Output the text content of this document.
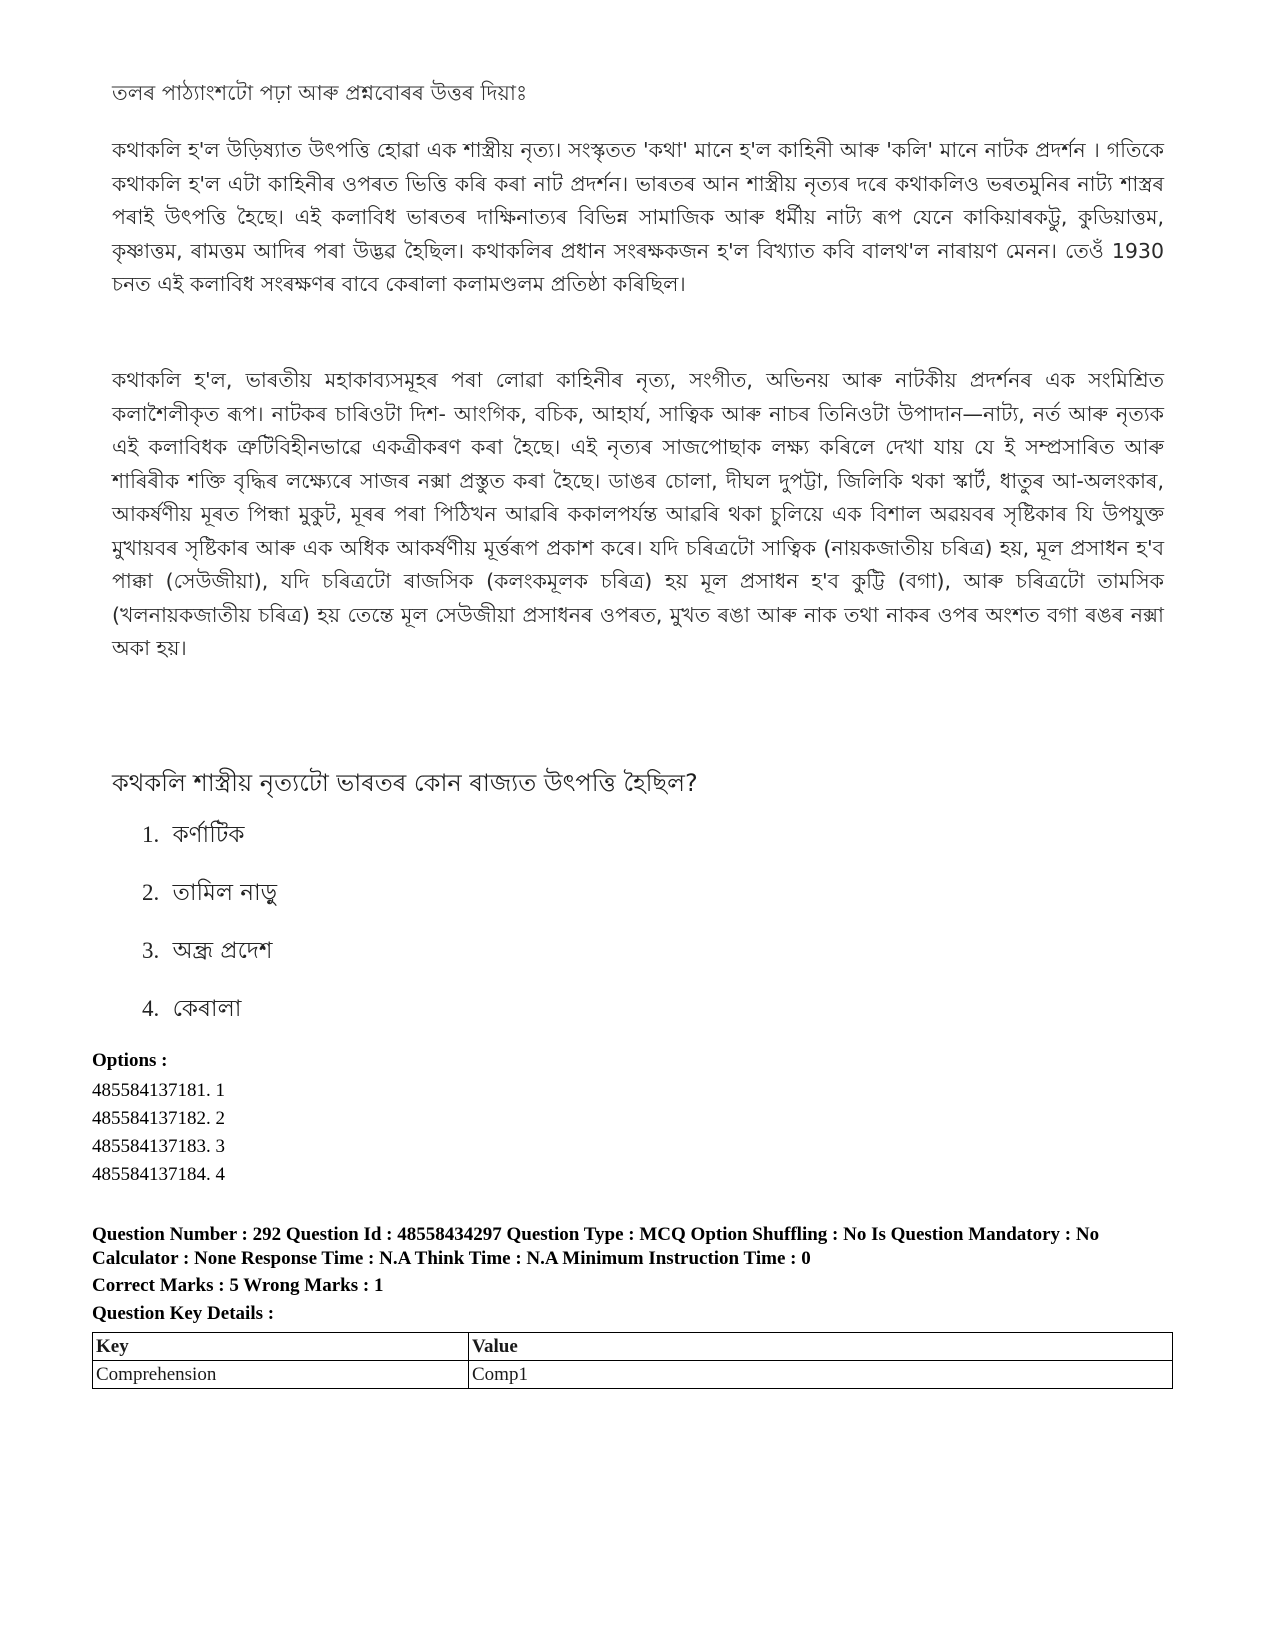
তলৰ পাঠ্যাংশটো পঢ়া আৰু প্ৰশ্নবোৰৰ উত্তৰ দিয়াঃ
কথাকলি হ'ল উড়িষ্যাত উৎপত্তি হোৱা এক শাস্ত্ৰীয় নৃত্য। সংস্কৃতত 'কথা' মানে হ'ল কাহিনী আৰু 'কলি' মানে নাটক প্ৰদৰ্শন । গতিকে কথাকলি হ'ল এটা কাহিনীৰ ওপৰত ভিত্তি কৰি কৰা নাট প্ৰদৰ্শন। ভাৰতৰ আন শাস্ত্ৰীয় নৃত্যৰ দৰে কথাকলিও ভৰতমুনিৰ নাট্য শাস্ত্ৰৰ পৰাই উৎপত্তি হৈছে। এই কলাবিধ ভাৰতৰ দাক্ষিনাত্যৰ বিভিন্ন সামাজিক আৰু ধৰ্মীয় নাট্য ৰূপ যেনে কাকিয়াৰকট্টু, কুডিয়াত্তম, কৃষ্ণাত্তম, ৰামত্তম আদিৰ পৰা উদ্ভৱ হৈছিল। কথাকলিৰ প্ৰধান সংৰক্ষকজন হ'ল বিখ্যাত কবি বালথ'ল নাৰায়ণ মেনন। তেওঁ 1930 চনত এই কলাবিধ সংৰক্ষণৰ বাবে কেৰালা কলামণ্ডলম প্ৰতিষ্ঠা কৰিছিল।
কথাকলি হ'ল, ভাৰতীয় মহাকাব্যসমূহৰ পৰা লোৱা কাহিনীৰ নৃত্য, সংগীত, অভিনয় আৰু নাটকীয় প্ৰদৰ্শনৰ এক সংমিশ্ৰিত কলাশৈলীকৃত ৰূপ। নাটকৰ চাৰিওটা দিশ- আংগিক, বচিক, আহাৰ্য, সাত্বিক আৰু নাচৰ তিনিওটা উপাদান—নাট্য, নৰ্ত আৰু নৃত্যক এই কলাবিধক ত্ৰুটিবিহীনভাৱে একত্ৰীকৰণ কৰা হৈছে। এই নৃত্যৰ সাজপোছাক লক্ষ্য কৰিলে দেখা যায় যে ই সম্প্ৰসাৰিত আৰু শাৰিৰীক শক্তি বৃদ্ধিৰ লক্ষ্যেৰে সাজৰ নক্সা প্ৰস্তুত কৰা হৈছে। ডাঙৰ চোলা, দীঘল দুপট্টা, জিলিকি থকা স্কাৰ্ট, ধাতুৰ আ-অলংকাৰ, আকৰ্ষণীয় মূৰত পিন্ধা মুকুট, মূৰৰ পৰা পিঠিখন আৱৰি ককালপৰ্যন্ত আৱৰি থকা চুলিয়ে এক বিশাল অৱয়বৰ সৃষ্টিকাৰ যি উপযুক্ত মুখায়বৰ সৃষ্টিকাৰ আৰু এক অধিক আকৰ্ষণীয় মূৰ্ত্তৰূপ প্ৰকাশ কৰে। যদি চৰিত্ৰটো সাত্বিক (নায়কজাতীয় চৰিত্ৰ) হয়, মূল প্ৰসাধন হ'ব পাক্কা (সেউজীয়া), যদি চৰিত্ৰটো ৰাজসিক (কলংকমূলক চৰিত্ৰ) হয় মূল প্ৰসাধন হ'ব কুট্টি (বগা), আৰু চৰিত্ৰটো তামসিক (খলনায়কজাতীয় চৰিত্ৰ) হয় তেন্তে মূল সেউজীয়া প্ৰসাধনৰ ওপৰত, মুখত ৰঙা আৰু নাক তথা নাকৰ ওপৰ অংশত বগা ৰঙৰ নক্সা অকা হয়।
কথকলি শাস্ত্ৰীয় নৃত্যটো ভাৰতৰ কোন ৰাজ্যত উৎপত্তি হৈছিল?
1. কৰ্ণাটিক
2. তামিল নাড়ু
3. অন্ধ্ৰ প্ৰদেশ
4. কেৰালা
Options :
485584137181. 1
485584137182. 2
485584137183. 3
485584137184. 4
Question Number : 292 Question Id : 48558434297 Question Type : MCQ Option Shuffling : No Is Question Mandatory : No Calculator : None Response Time : N.A Think Time : N.A Minimum Instruction Time : 0
Correct Marks : 5 Wrong Marks : 1
Question Key Details :
Key	Value
Comprehension	Comp1
